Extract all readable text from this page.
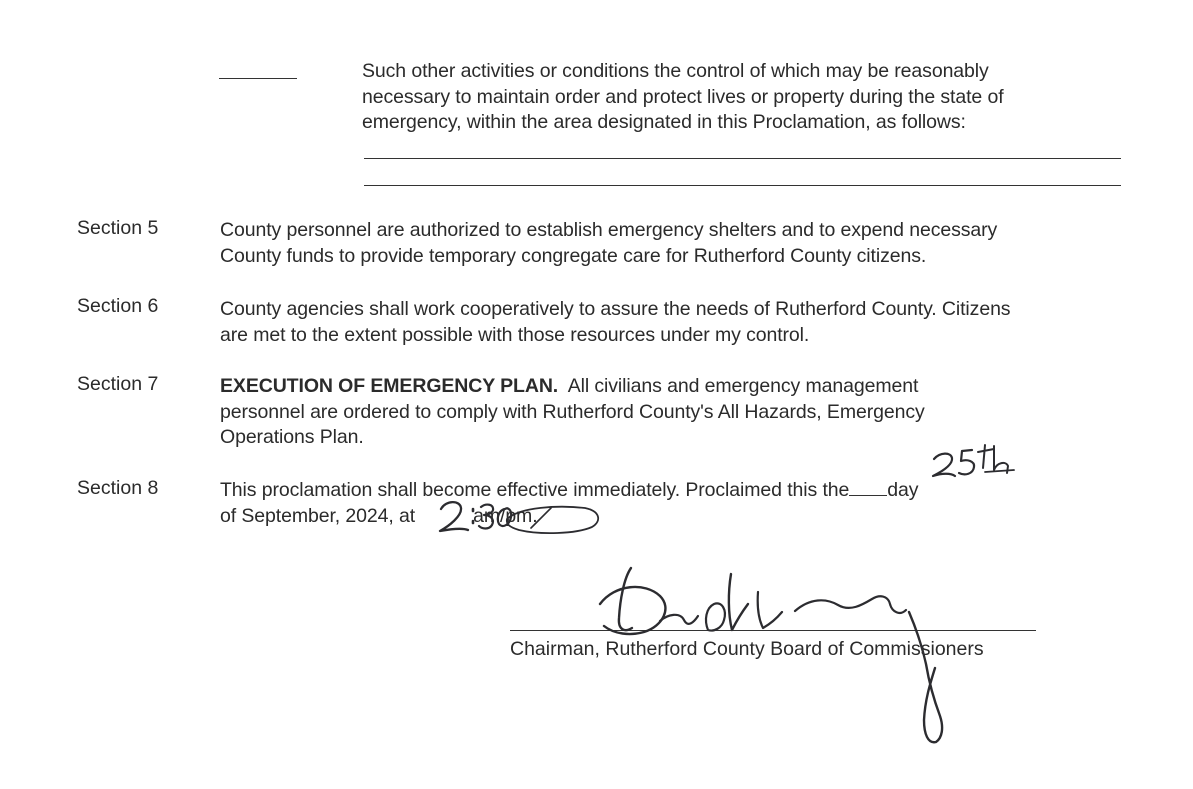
Such other activities or conditions the control of which may be reasonably
necessary to maintain order and protect lives or property during the state of
emergency, within the area designated in this Proclamation, as follows:
Section 5	County personnel are authorized to establish emergency shelters and to expend necessary
County funds to provide temporary congregate care for Rutherford County citizens.
Section 6	County agencies shall work cooperatively to assure the needs of Rutherford County. Citizens
are met to the extent possible with those resources under my control.
Section 7	EXECUTION OF EMERGENCY PLAN.  All civilians and emergency management
personnel are ordered to comply with Rutherford County's All Hazards, Emergency
Operations Plan.
Section 8	This proclamation shall become effective immediately. Proclaimed this the day
of September, 2024, at	am/pm.
Chairman, Rutherford County Board of Commissioners
